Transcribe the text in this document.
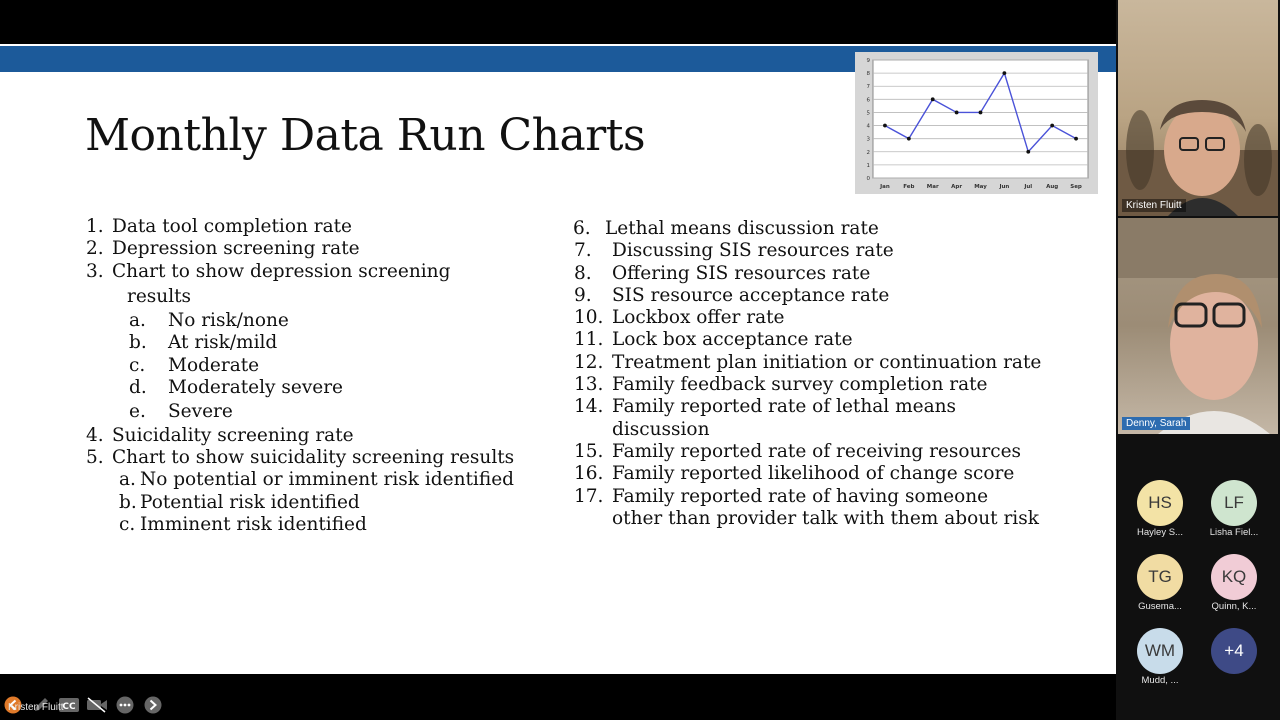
0
1
2
3
4
5
6
7
8
9
Jan Feb Mar Apr May Jun	Jul	Aug Sep
Monthly Data Run Charts
1. Data tool completion rate
2. Depression screening rate
3. Chart to show depression screening
results
a. No risk/none
b. At risk/mild
c. Moderate
d. Moderately severe
e. Severe
4. Suicidality screening rate
5. Chart to show suicidality screening results
a. No potential or imminent risk identified
b. Potential risk identified
c. Imminent risk identified
6. Lethal means discussion rate
7. Discussing SIS resources rate
8. Offering SIS resources rate
9. SIS resource acceptance rate
10. Lockbox offer rate
11. Lock box acceptance rate
12. Treatment plan initiation or continuation rate
13. Family feedback survey completion rate
14. Family reported rate of lethal means
discussion
15. Family reported rate of receiving resources
16. Family reported likelihood of change score
17. Family reported rate of having someone
other than provider talk with them about risk
CC
Kristen Fluitt
Kristen Fluitt
Denny, Sarah
HS
Hayley S...
LF
Lisha Fiel...
TG
Gusema...
KQ
Quinn, K...
WM
Mudd, ...
+4
